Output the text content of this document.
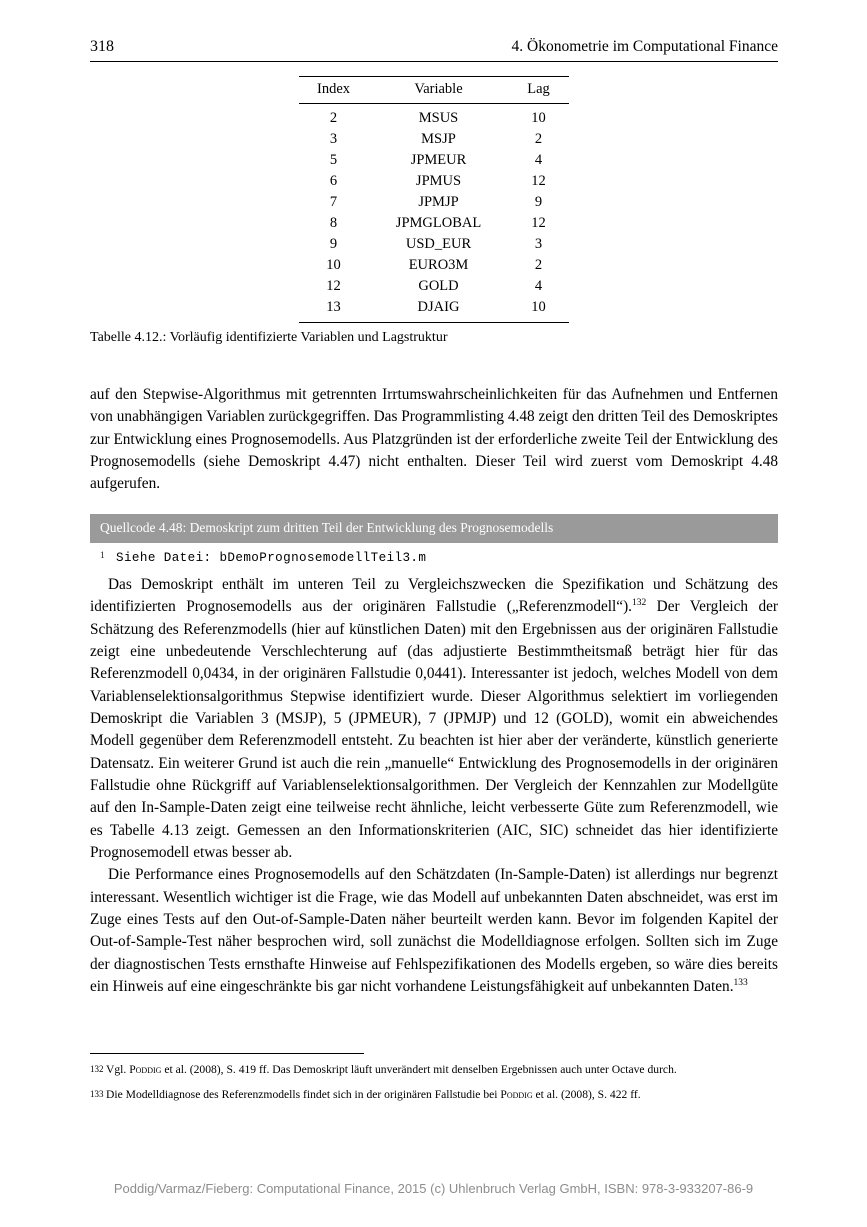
318	4. Ökonometrie im Computational Finance
Index	Variable	Lag
2	MSUS	10
3	MSJP	2
5	JPMEUR	4
6	JPMUS	12
7	JPMJP	9
8	JPMGLOBAL	12
9	USD_EUR	3
10	EURO3M	2
12	GOLD	4
13	DJAIG	10
Tabelle 4.12.: Vorläufig identifizierte Variablen und Lagstruktur

auf den Stepwise-Algorithmus mit getrennten Irrtumswahrscheinlichkeiten für das Aufnehmen und Entfernen von unabhängigen Variablen zurückgegriffen. Das Programmlisting 4.48 zeigt den dritten Teil des Demoskriptes zur Entwicklung eines Prognosemodells. Aus Platzgründen ist der erforderliche zweite Teil der Entwicklung des Prognosemodells (siehe Demoskript 4.47) nicht enthalten. Dieser Teil wird zuerst vom Demoskript 4.48 aufgerufen.

Quellcode 4.48: Demoskript zum dritten Teil der Entwicklung des Prognosemodells
1 Siehe Datei: bDemoPrognosemodellTeil3.m

Das Demoskript enthält im unteren Teil zu Vergleichszwecken die Spezifikation und Schätzung des identifizierten Prognosemodells aus der originären Fallstudie („Referenzmodell“).$^{132}$ Der Vergleich der Schätzung des Referenzmodells (hier auf künstlichen Daten) mit den Ergebnissen aus der originären Fallstudie zeigt eine unbedeutende Verschlechterung auf (das adjustierte Bestimmtheitsmaß beträgt hier für das Referenzmodell 0,0434, in der originären Fallstudie 0,0441). Interessanter ist jedoch, welches Modell von dem Variablenselektionsalgorithmus Stepwise identifiziert wurde. Dieser Algorithmus selektiert im vorliegenden Demoskript die Variablen 3 (MSJP), 5 (JPMEUR), 7 (JPMJP) und 12 (GOLD), womit ein abweichendes Modell gegenüber dem Referenzmodell entsteht. Zu beachten ist hier aber der veränderte, künstlich generierte Datensatz. Ein weiterer Grund ist auch die rein „manuelle“ Entwicklung des Prognosemodells in der originären Fallstudie ohne Rückgriff auf Variablenselektionsalgorithmen. Der Vergleich der Kennzahlen zur Modellgüte auf den In-Sample-Daten zeigt eine teilweise recht ähnliche, leicht verbesserte Güte zum Referenzmodell, wie es Tabelle 4.13 zeigt. Gemessen an den Informationskriterien (AIC, SIC) schneidet das hier identifizierte Prognosemodell etwas besser ab.

Die Performance eines Prognosemodells auf den Schätzdaten (In-Sample-Daten) ist allerdings nur begrenzt interessant. Wesentlich wichtiger ist die Frage, wie das Modell auf unbekannten Daten abschneidet, was erst im Zuge eines Tests auf den Out-of-Sample-Daten näher beurteilt werden kann. Bevor im folgenden Kapitel der Out-of-Sample-Test näher besprochen wird, soll zunächst die Modelldiagnose erfolgen. Sollten sich im Zuge der diagnostischen Tests ernsthafte Hinweise auf Fehlspezifikationen des Modells ergeben, so wäre dies bereits ein Hinweis auf eine eingeschränkte bis gar nicht vorhandene Leistungsfähigkeit auf unbekannten Daten.$^{133}$

132 Vgl. Poddig et al. (2008), S. 419 ff. Das Demoskript läuft unverändert mit denselben Ergebnissen auch unter Octave durch.
133 Die Modelldiagnose des Referenzmodells findet sich in der originären Fallstudie bei Poddig et al. (2008), S. 422 ff.
Poddig/Varmaz/Fieberg: Computational Finance, 2015 (c) Uhlenbruch Verlag GmbH, ISBN: 978-3-933207-86-9
